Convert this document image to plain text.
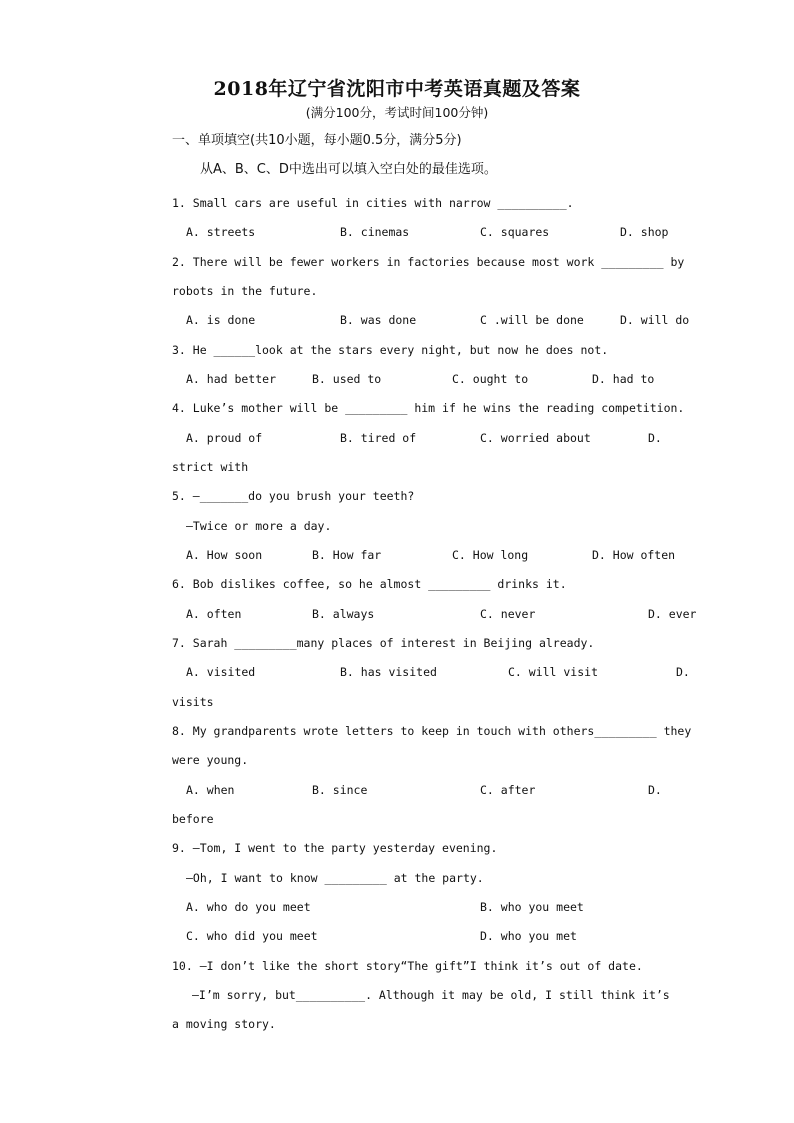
2018年辽宁省沈阳市中考英语真题及答案
(满分100分，考试时间100分钟)
一、单项填空(共10小题，每小题0.5分，满分5分)
从A、B、C、D中选出可以填入空白处的最佳选项。
1. Small cars are useful in cities with narrow __________.
A. streets	B. cinemas	C. squares	D. shop
2. There will be fewer workers in factories because most work _________ by
robots in the future.
A. is done	B. was done	C .will be done	D. will do
3. He ______look at the stars every night, but now he does not.
A. had better	B. used to	C. ought to	D. had to
4. Luke’s mother will be _________ him if he wins the reading competition.
A. proud of	B. tired of	C. worried about	D.
strict with
5. —_______do you brush your teeth?
—Twice or more a day.
A. How soon	B. How far	C. How long	D. How often
6. Bob dislikes coffee, so he almost _________ drinks it.
A. often	B. always	C. never	D. ever
7. Sarah _________many places of interest in Beijing already.
A. visited	B. has visited	C. will visit	D.
visits
8. My grandparents wrote letters to keep in touch with others_________ they
were young.
A. when	B. since	C. after	D.
before
9. —Tom, I went to the party yesterday evening.
—Oh, I want to know _________ at the party.
A. who do you meet	B. who you meet
C. who did you meet	D. who you met
10. —I don’t like the short story“The gift”I think it’s out of date.
—I’m sorry, but__________. Although it may be old, I still think it’s
a moving story.
